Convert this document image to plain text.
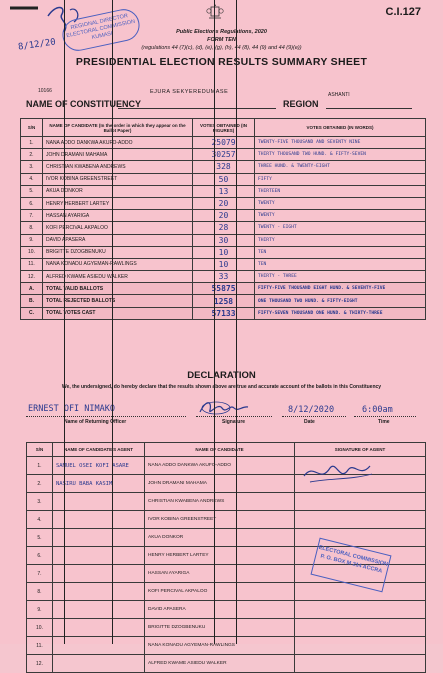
REGIONAL DIRECTOR ELECTORAL COMMISSION KUMASI
8/12/20
C.I.127
Public Elections Regulations, 2020
FORM TEN
(regulations 44 (7)(c), (d), (e), (g), (h), 44 (8), 44 (9) and 44 (9)(e))
PRESIDENTIAL ELECTION RESULTS SUMMARY SHEET
10166	EJURA SEKYEREDUMASE
NAME OF CONSTITUENCY
ASHANTI
REGION
S/N	NAME OF CANDIDATE (In the order in which they appear on the Ballot Paper)	VOTES OBTAINED (IN FIGURES)	VOTES OBTAINED (IN WORDS)
1.	NANA ADDO DANKWA AKUFO-ADDO	25079	TWENTY-FIVE THOUSAND AND SEVENTY NINE
2.	JOHN DRAMANI MAHAMA	30257	THIRTY THOUSAND TWO HUND. & FIFTY-SEVEN
3.	CHRISTIAN KWABENA ANDREWS	328	THREE HUND. & TWENTY-EIGHT
4.	IVOR KOBINA GREENSTREET	50	FIFTY
5.	AKUA DONKOR	13	THIRTEEN
6.	HENRY HERBERT LARTEY	20	TWENTY
7.	HASSAN AYARIGA	20	TWENTY
8.	KOFI PERCIVAL AKPALOO	28	TWENTY - EIGHT
9.	DAVID APASERA	30	THIRTY
10.	BRIGITTE DZOGBENUKU	10	TEN
11.	NANA KONADU AGYEMAN-RAWLINGS	10	TEN
12.	ALFRED KWAME ASIEDU WALKER	33	THIRTY - THREE
A.	TOTAL VALID BALLOTS	55875	FIFTY-FIVE THOUSAND EIGHT HUND. & SEVENTY-FIVE
B.	TOTAL REJECTED BALLOTS	1258	ONE THOUSAND TWO HUND. & FIFTY-EIGHT
C.	TOTAL VOTES CAST	57133	FIFTY-SEVEN THOUSAND ONE HUND. & THIRTY-THREE
DECLARATION
We, the undersigned, do hereby declare that the results shown above are true and accurate account of the ballots in this Constituency
ERNEST OFI NIMAKO	8/12/2020	6:00am
Name of Returning Officer	Signature	Date	Time
S/N	NAME OF CANDIDATE'S AGENT	NAME OF CANDIDATE	SIGNATURE OF AGENT
1.	SAMUEL OSEI KOFI ASARE	NANA ADDO DANKWA AKUFO-ADDO	
2.	NASIRU BABA KASIM	JOHN DRAMANI MAHAMA	
3.		CHRISTIAN KWABENA ANDREWS	
4.		IVOR KOBINA GREENSTREET	
5.		AKUA DONKOR	
6.		HENRY HERBERT LARTEY	
7.		HASSAN AYARIGA	
8.		KOFI PERCIVAL AKPALOO	
9.		DAVID APASERA	
10.		BRIGITTE DZOGBENUKU	
11.		NANA KONADU AGYEMAN-RAWLINGS	
12.		ALFRED KWAME ASIEDU WALKER	
ELECTORAL COMMISSION P. O. BOX M 214 ACCRA
